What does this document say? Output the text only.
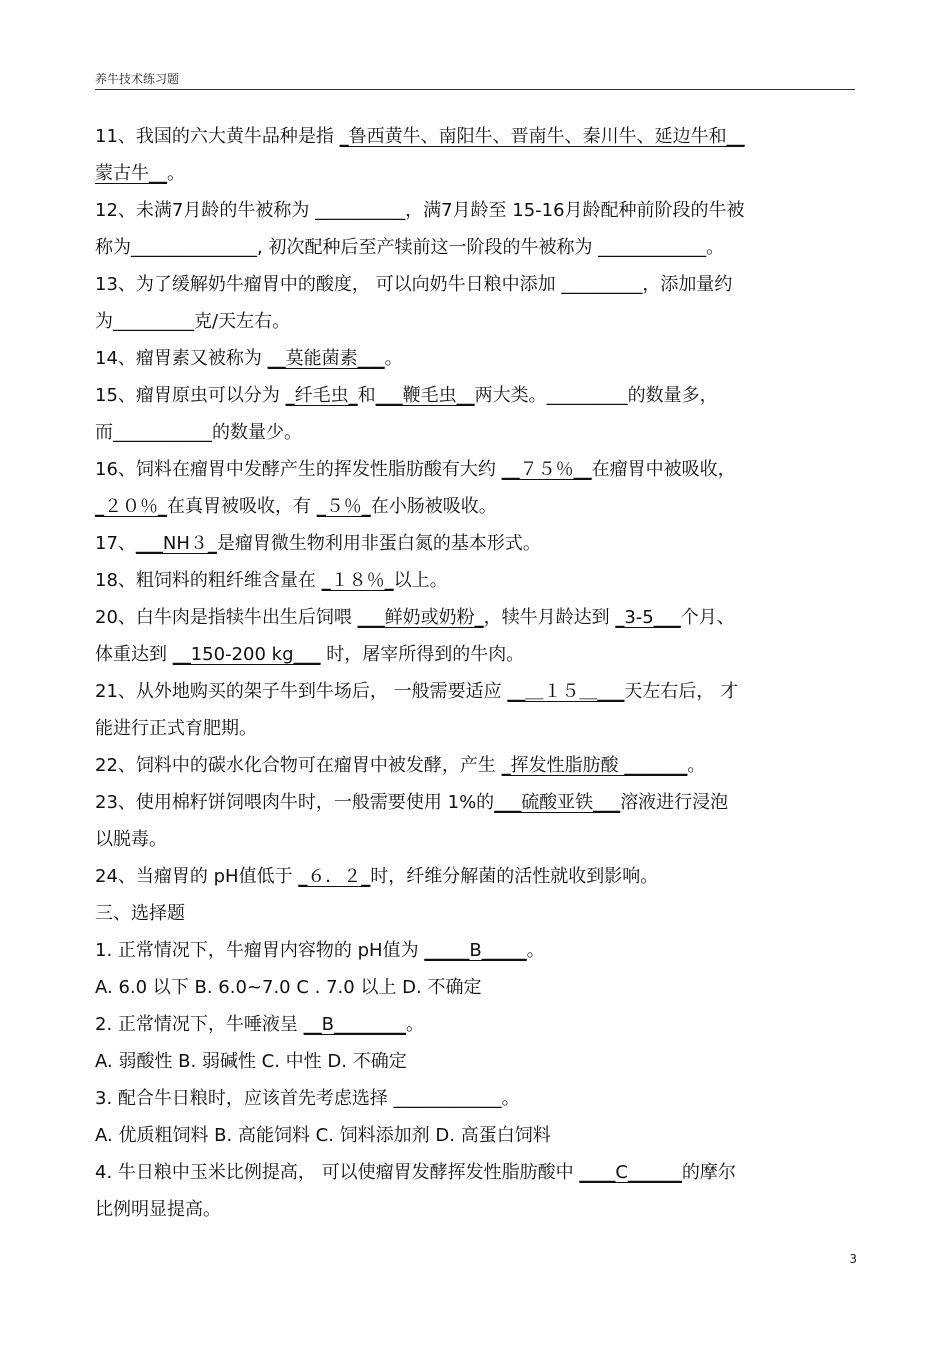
养牛技术练习题
11、我国的六大黄牛品种是指 _鲁西黄牛、南阳牛、晋南牛、秦川牛、延边牛和__
蒙古牛__。
12、未满7月龄的牛被称为 __________，满7月龄至 15-16月龄配种前阶段的牛被
称为______________, 初次配种后至产犊前这一阶段的牛被称为 ____________。
13、为了缓解奶牛瘤胃中的酸度， 可以向奶牛日粮中添加 _________，添加量约
为_________克/天左右。
14、瘤胃素又被称为 __莫能菌素___。
15、瘤胃原虫可以分为 _纤毛虫_和___鞭毛虫__两大类。_________的数量多，
而___________的数量少。
16、饲料在瘤胃中发酵产生的挥发性脂肪酸有大约 __７５％__在瘤胃中被吸收，
_２０％_在真胃被吸收，有 _５％_在小肠被吸收。
17、___NH３_是瘤胃微生物利用非蛋白氮的基本形式。
18、粗饲料的粗纤维含量在 _１８％_以上。
20、白牛肉是指犊牛出生后饲喂 ___鲜奶或奶粉_，犊牛月龄达到 _3-5___个月、
体重达到 __150-200 kg___ 时，屠宰所得到的牛肉。
21、从外地购买的架子牛到牛场后， 一般需要适应 __＿１５＿___天左右后， 才
能进行正式育肥期。
22、饲料中的碳水化合物可在瘤胃中被发酵，产生 _挥发性脂肪酸 _______。
23、使用棉籽饼饲喂肉牛时，一般需要使用 1%的___硫酸亚铁___溶液进行浸泡
以脱毒。
24、当瘤胃的 pH值低于 _６．２_时，纤维分解菌的活性就收到影响。
三、选择题
1. 正常情况下，牛瘤胃内容物的 pH值为 _____B_____。
A. 6.0 以下 B. 6.0~7.0 C . 7.0 以上 D. 不确定
2. 正常情况下，牛唾液呈 __B________。
A. 弱酸性 B. 弱碱性 C. 中性 D. 不确定
3. 配合牛日粮时，应该首先考虑选择 ____________。
A. 优质粗饲料 B. 高能饲料 C. 饲料添加剂 D. 高蛋白饲料
4. 牛日粮中玉米比例提高， 可以使瘤胃发酵挥发性脂肪酸中 ____C______的摩尔
比例明显提高。
3
